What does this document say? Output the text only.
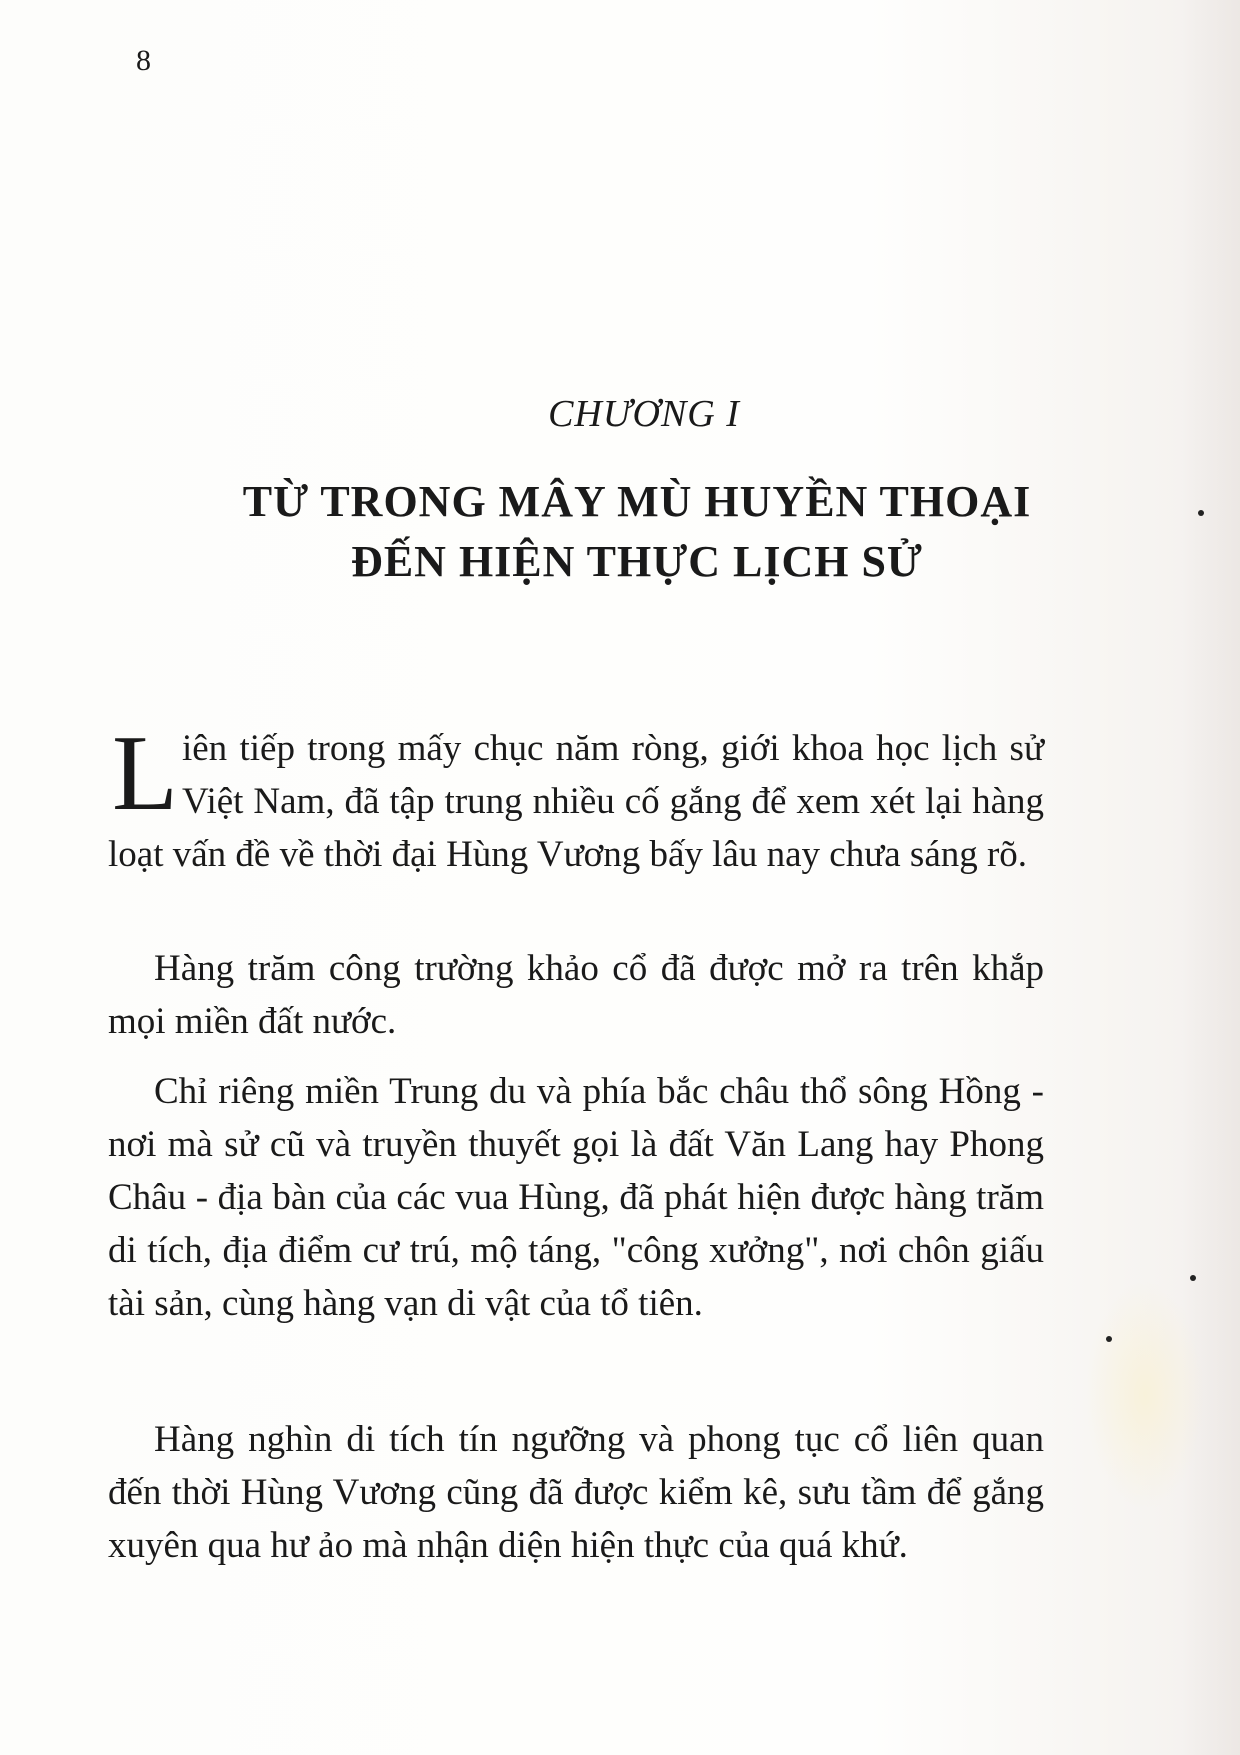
8
CHƯƠNG I
TỪ TRONG MÂY MÙ HUYỀN THOẠI
ĐẾN HIỆN THỰC LỊCH SỬ

Liên tiếp trong mấy chục năm ròng, giới khoa học lịch sử Việt Nam, đã tập trung nhiều cố gắng để xem xét lại hàng loạt vấn đề về thời đại Hùng Vương bấy lâu nay chưa sáng rõ.

Hàng trăm công trường khảo cổ đã được mở ra trên khắp mọi miền đất nước.

Chỉ riêng miền Trung du và phía bắc châu thổ sông Hồng - nơi mà sử cũ và truyền thuyết gọi là đất Văn Lang hay Phong Châu - địa bàn của các vua Hùng, đã phát hiện được hàng trăm di tích, địa điểm cư trú, mộ táng, "công xưởng", nơi chôn giấu tài sản, cùng hàng vạn di vật của tổ tiên.

Hàng nghìn di tích tín ngưỡng và phong tục cổ liên quan đến thời Hùng Vương cũng đã được kiểm kê, sưu tầm để gắng xuyên qua hư ảo mà nhận diện hiện thực của quá khứ.
